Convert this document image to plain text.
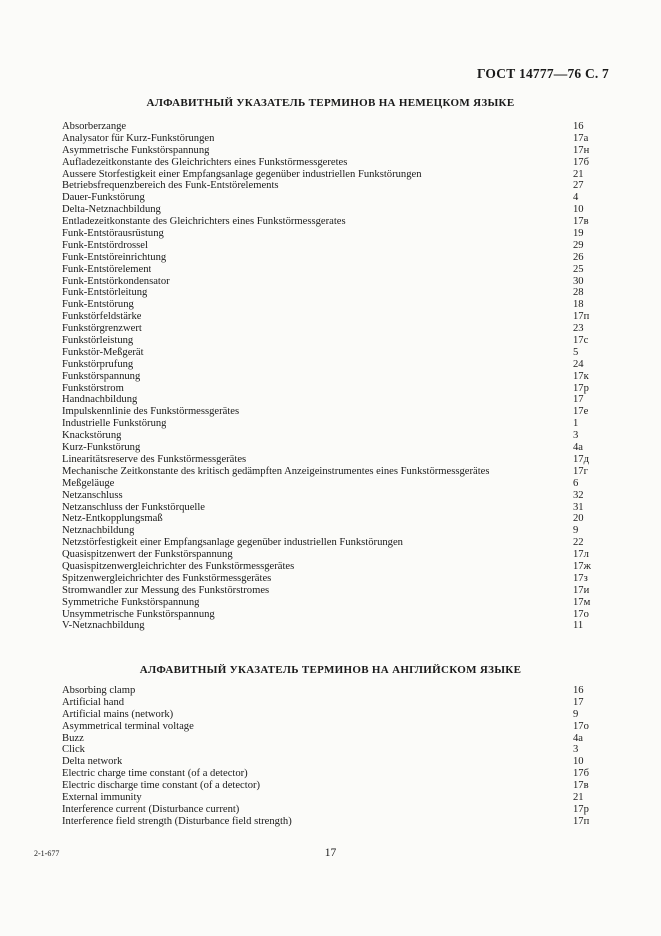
ГОСТ 14777—76 С. 7
АЛФАВИТНЫЙ УКАЗАТЕЛЬ ТЕРМИНОВ НА НЕМЕЦКОМ ЯЗЫКЕ
Absorberzange	16
Analysator für Kurz-Funkstörungen	17a
Asymmetrische Funkstörspannung	17н
Aufladezeitkonstante des Gleichrichters eines Funkstörmessgeretes	17б
Aussere Storfestigkeit einer Empfangsanlage gegenüber industriellen Funkstörungen	21
Betriebsfrequenzbereich des Funk-Entstörelements	27
Dauer-Funkstörung	4
Delta-Netznachbildung	10
Entladezeitkonstante des Gleichrichters eines Funkstörmessgerates	17в
Funk-Entstörausrüstung	19
Funk-Entstördrossel	29
Funk-Entstöreinrichtung	26
Funk-Entstörelement	25
Funk-Entstörkondensator	30
Funk-Entstörleitung	28
Funk-Entstörung	18
Funkstörfeldstärke	17п
Funkstörgrenzwert	23
Funkstörleistung	17с
Funkstör-Meßgerät	5
Funkstörprufung	24
Funkstörspannung	17к
Funkstörstrom	17р
Handnachbildung	17
Impulskennlinie des Funkstörmessgerätes	17е
Industrielle Funkstörung	1
Knackstörung	3
Kurz-Funkstörung	4a
Linearitätsreserve des Funkstörmessgerätes	17д
Mechanische Zeitkonstante des kritisch gedämpften Anzeigeinstrumentes eines Funkstörmessgerätes	17г
Meßgeläuge	6
Netzanschluss	32
Netzanschluss der Funkstörquelle	31
Netz-Entkopplungsmaß	20
Netznachbildung	9
Netzstörfestigkeit einer Empfangsanlage gegenüber industriellen Funkstörungen	22
Quasispitzenwert der Funkstörspannung	17л
Quasispitzenwergleichrichter des Funkstörmessgerätes	17ж
Spitzenwergleichrichter des Funkstörmessgerätes	17з
Stromwandler zur Messung des Funkstörstromes	17и
Symmetriche Funkstörspannung	17м
Unsymmetrische Funkstörspannung	17о
V-Netznachbildung	11
АЛФАВИТНЫЙ УКАЗАТЕЛЬ ТЕРМИНОВ НА АНГЛИЙСКОМ ЯЗЫКЕ
Absorbing clamp	16
Artificial hand	17
Artificial mains (network)	9
Asymmetrical terminal voltage	17о
Buzz	4a
Click	3
Delta network	10
Electric charge time constant (of a detector)	17б
Electric discharge time constant (of a detector)	17в
External immunity	21
Interference current (Disturbance current)	17р
Interference field strength (Disturbance field strength)	17п
2-1-677	17
